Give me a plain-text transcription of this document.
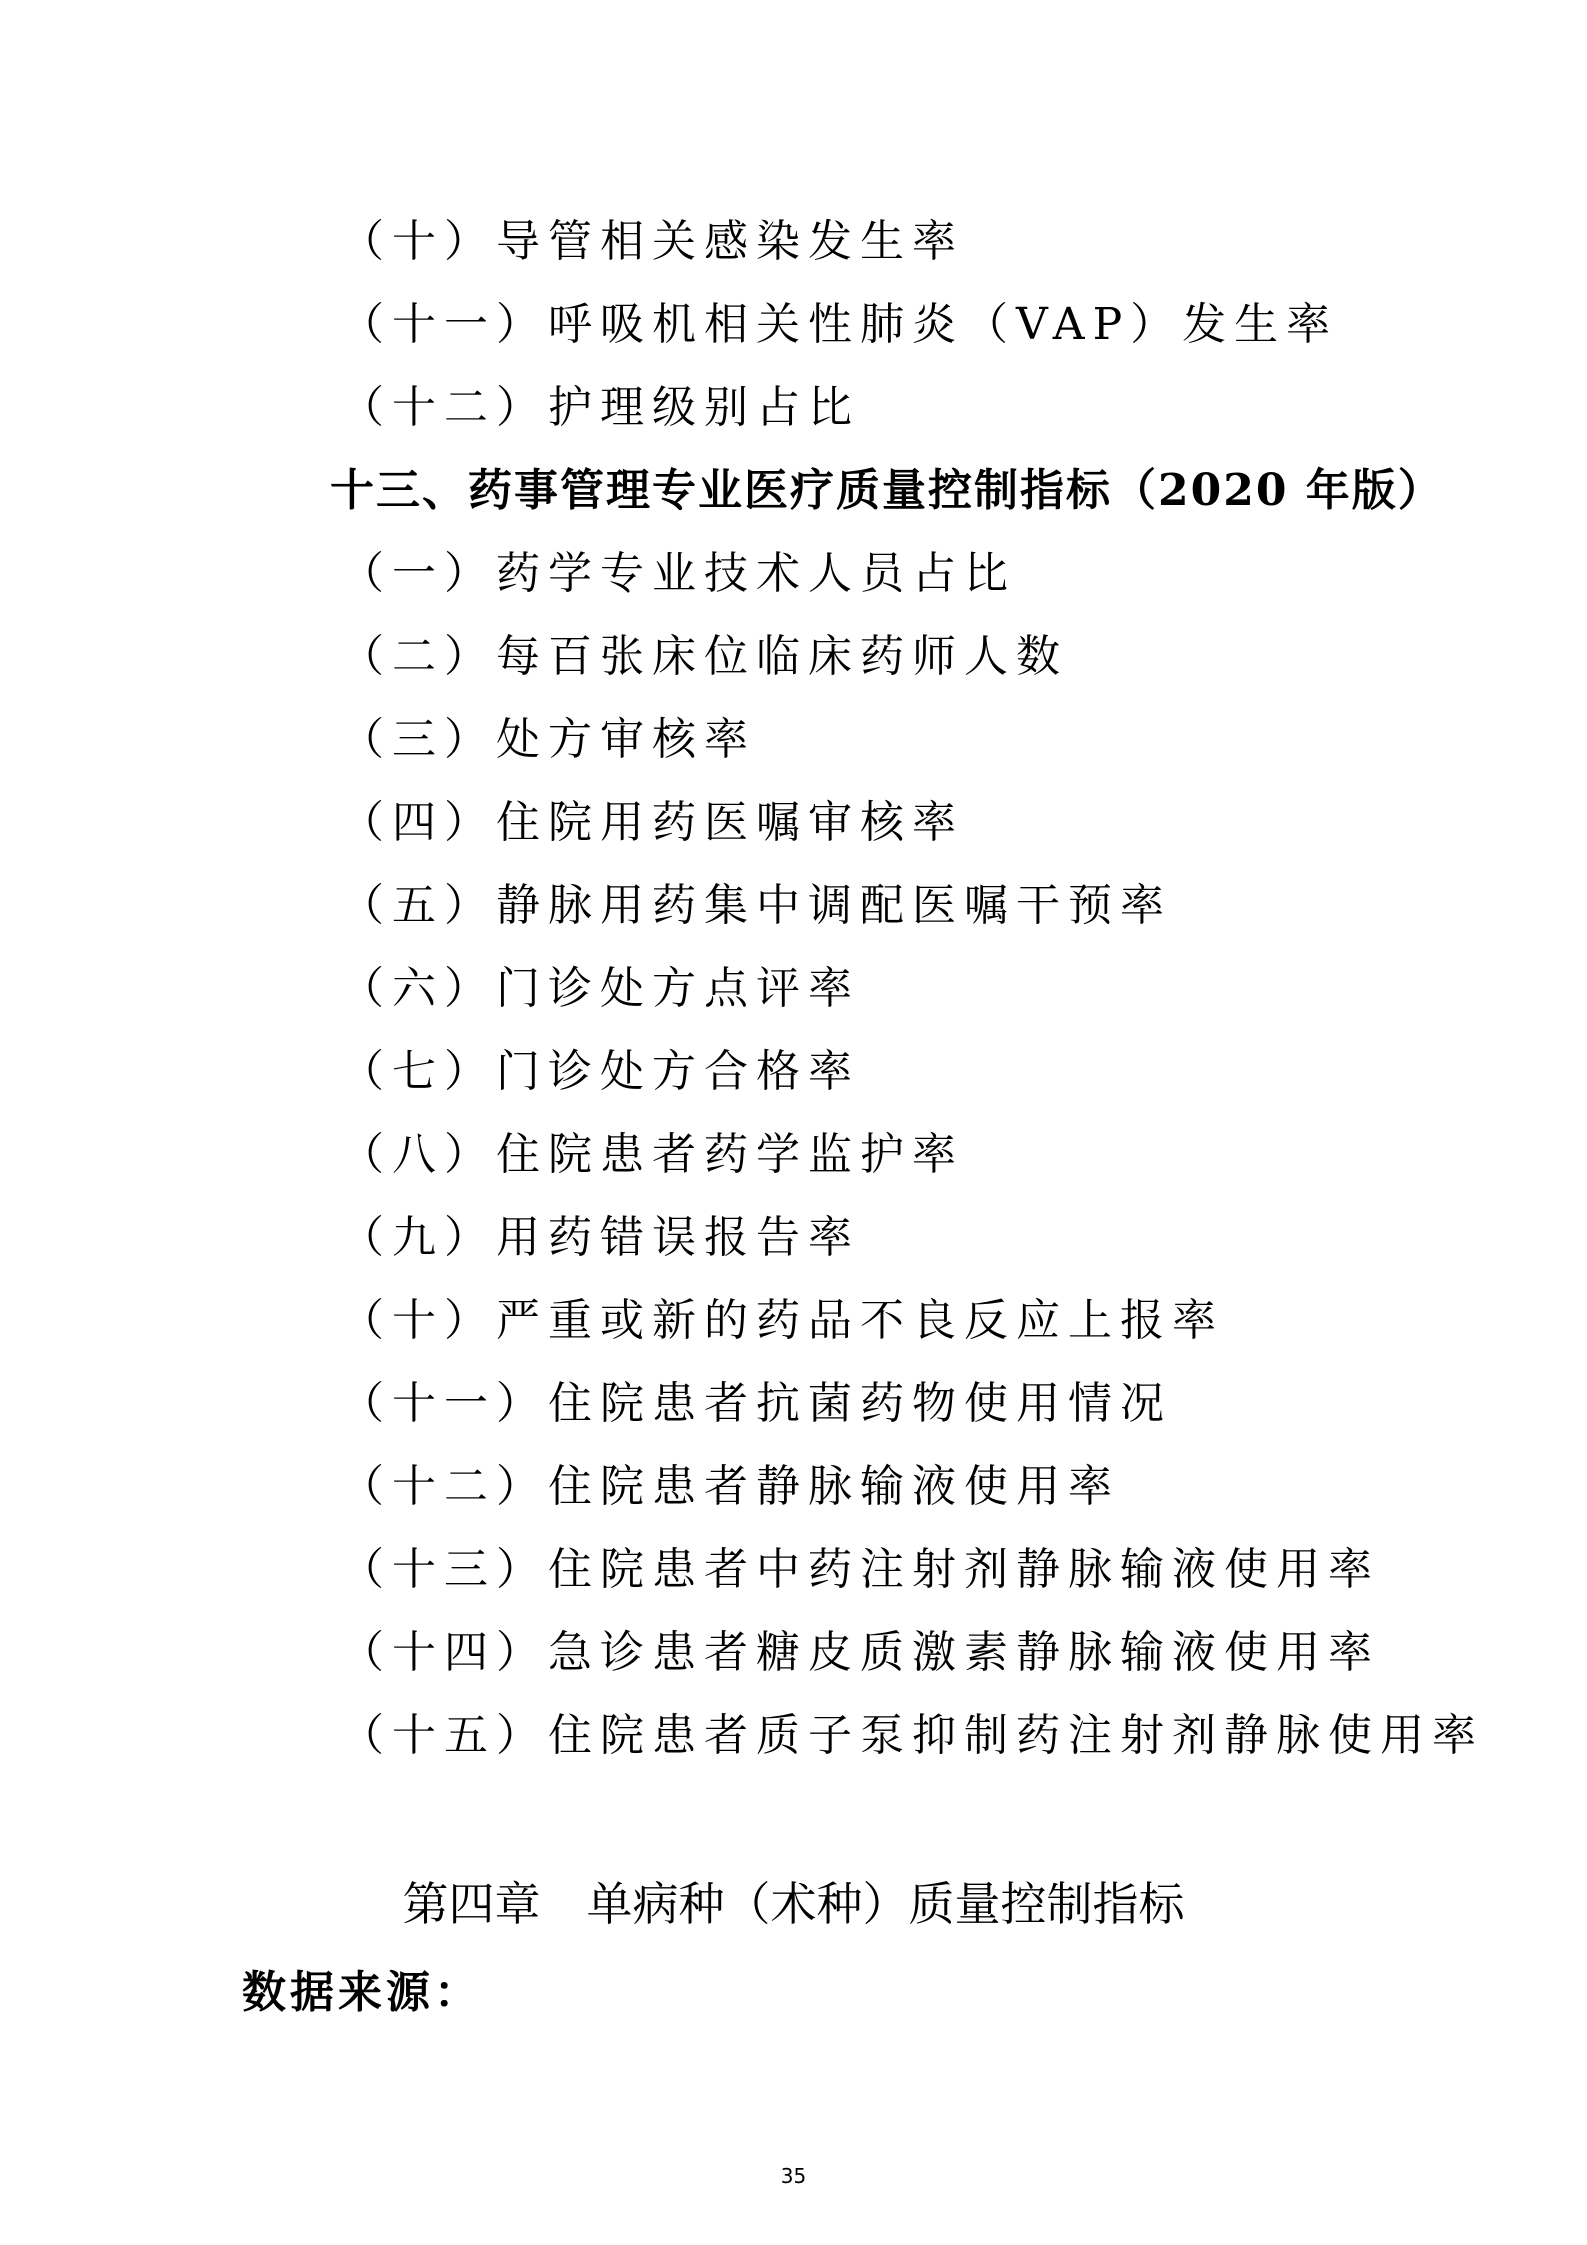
（十）导管相关感染发生率
（十一）呼吸机相关性肺炎（VAP）发生率
（十二）护理级别占比
十三、药事管理专业医疗质量控制指标（2020 年版）
（一）药学专业技术人员占比
（二）每百张床位临床药师人数
（三）处方审核率
（四）住院用药医嘱审核率
（五）静脉用药集中调配医嘱干预率
（六）门诊处方点评率
（七）门诊处方合格率
（八）住院患者药学监护率
（九）用药错误报告率
（十）严重或新的药品不良反应上报率
（十一）住院患者抗菌药物使用情况
（十二）住院患者静脉输液使用率
（十三）住院患者中药注射剂静脉输液使用率
（十四）急诊患者糖皮质激素静脉输液使用率
（十五）住院患者质子泵抑制药注射剂静脉使用率
第四章　单病种（术种）质量控制指标
数据来源：
35
